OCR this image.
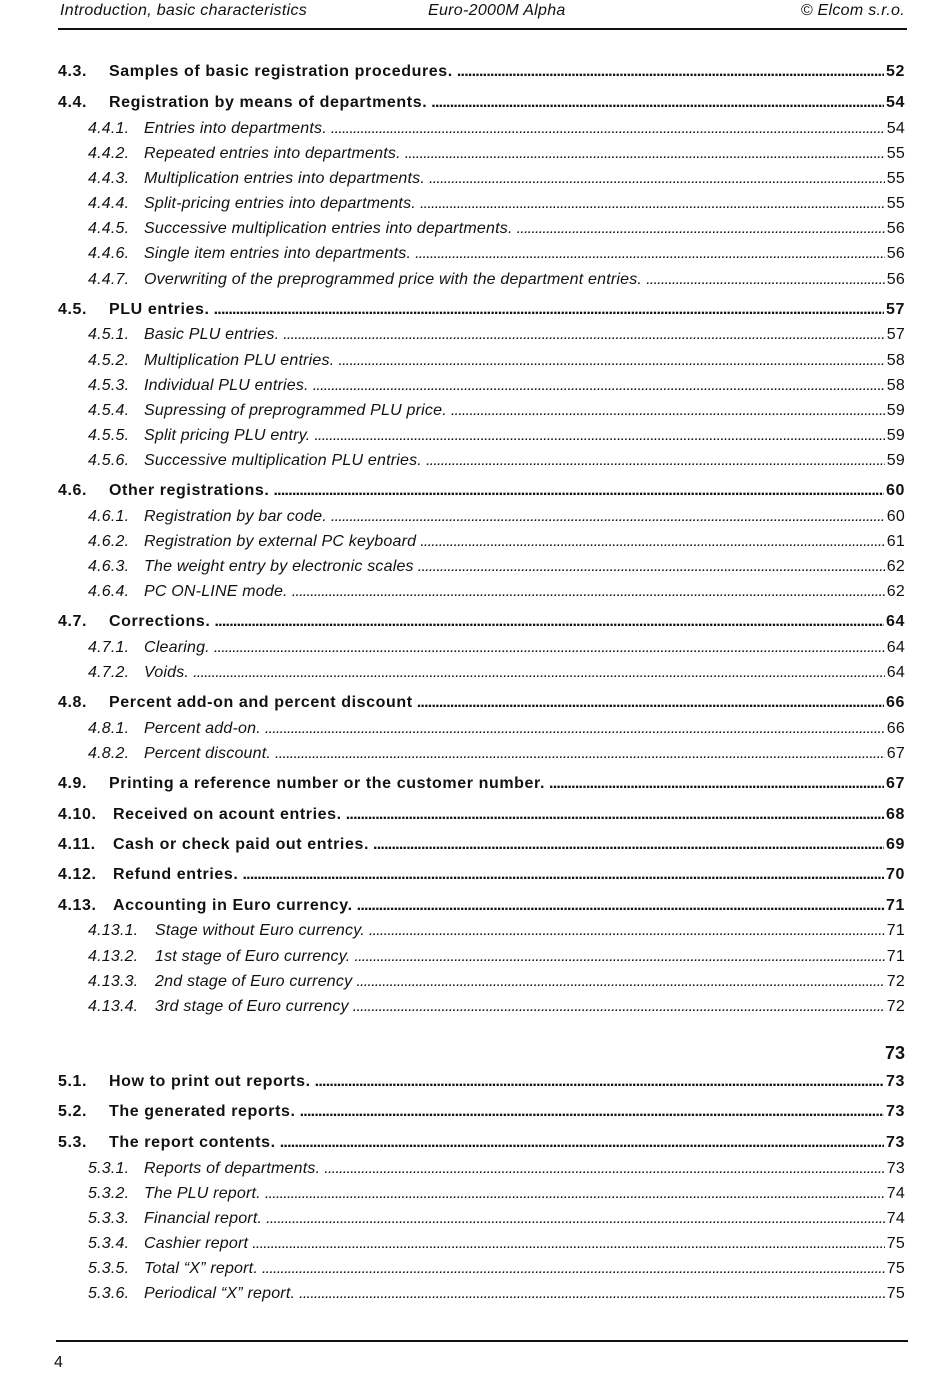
Introduction, basic characteristics	Euro-2000M Alpha	© Elcom s.r.o.
4.3.	Samples of basic registration procedures. . . .	52
4.4.	Registration by means of departments. . . .	54
4.4.1. Entries into departments. . . .	54
4.4.2. Repeated entries into departments. . . .	55
4.4.3. Multiplication entries into departments. . . .	55
4.4.4. Split-pricing entries into departments. . . .	55
4.4.5. Successive multiplication entries into departments. . . .	56
4.4.6. Single item entries into departments. . . .	56
4.4.7. Overwriting of the preprogrammed price with the department entries. . . .	56
4.5.	PLU entries. . . .	57
4.5.1. Basic PLU entries. . . .	57
4.5.2. Multiplication PLU entries. . . .	58
4.5.3. Individual PLU entries. . . .	58
4.5.4. Supressing of preprogrammed PLU price. . . .	59
4.5.5. Split pricing PLU entry. . . .	59
4.5.6. Successive multiplication PLU entries. . . .	59
4.6.	Other registrations. . . .	60
4.6.1. Registration by bar code. . . .	60
4.6.2. Registration by external PC keyboard . . .	61
4.6.3. The weight entry by electronic scales . . .	62
4.6.4. PC ON-LINE mode. . . .	62
4.7.	Corrections. . . .	64
4.7.1. Clearing. . . .	64
4.7.2. Voids. . . .	64
4.8.	Percent add-on and percent discount . . .	66
4.8.1. Percent add-on. . . .	66
4.8.2. Percent discount. . . .	67
4.9.	Printing a reference number or the customer number. . . .	67
4.10.	Received on acount entries. . . .	68
4.11.	Cash or check paid out entries. . . .	69
4.12.	Refund entries. . . .	70
4.13.	Accounting in Euro currency. . . .	71
4.13.1.	Stage without Euro currency. . . .	71
4.13.2.	1st stage of Euro currency. . . .	71
4.13.3.	2nd stage of Euro currency . . .	72
4.13.4.	3rd stage of Euro currency . . .	72
5.1.	How to print out reports. . . .	73
5.2.	The generated reports. . . .	73
5.3.	The report contents. . . .	73
5.3.1. Reports of departments. . . .	73
5.3.2. The PLU report. . . .	74
5.3.3. Financial report. . . .	74
5.3.4. Cashier report . . .	75
5.3.5. Total “X” report. . . .	75
5.3.6. Periodical “X” report. . . .	75
73
4
